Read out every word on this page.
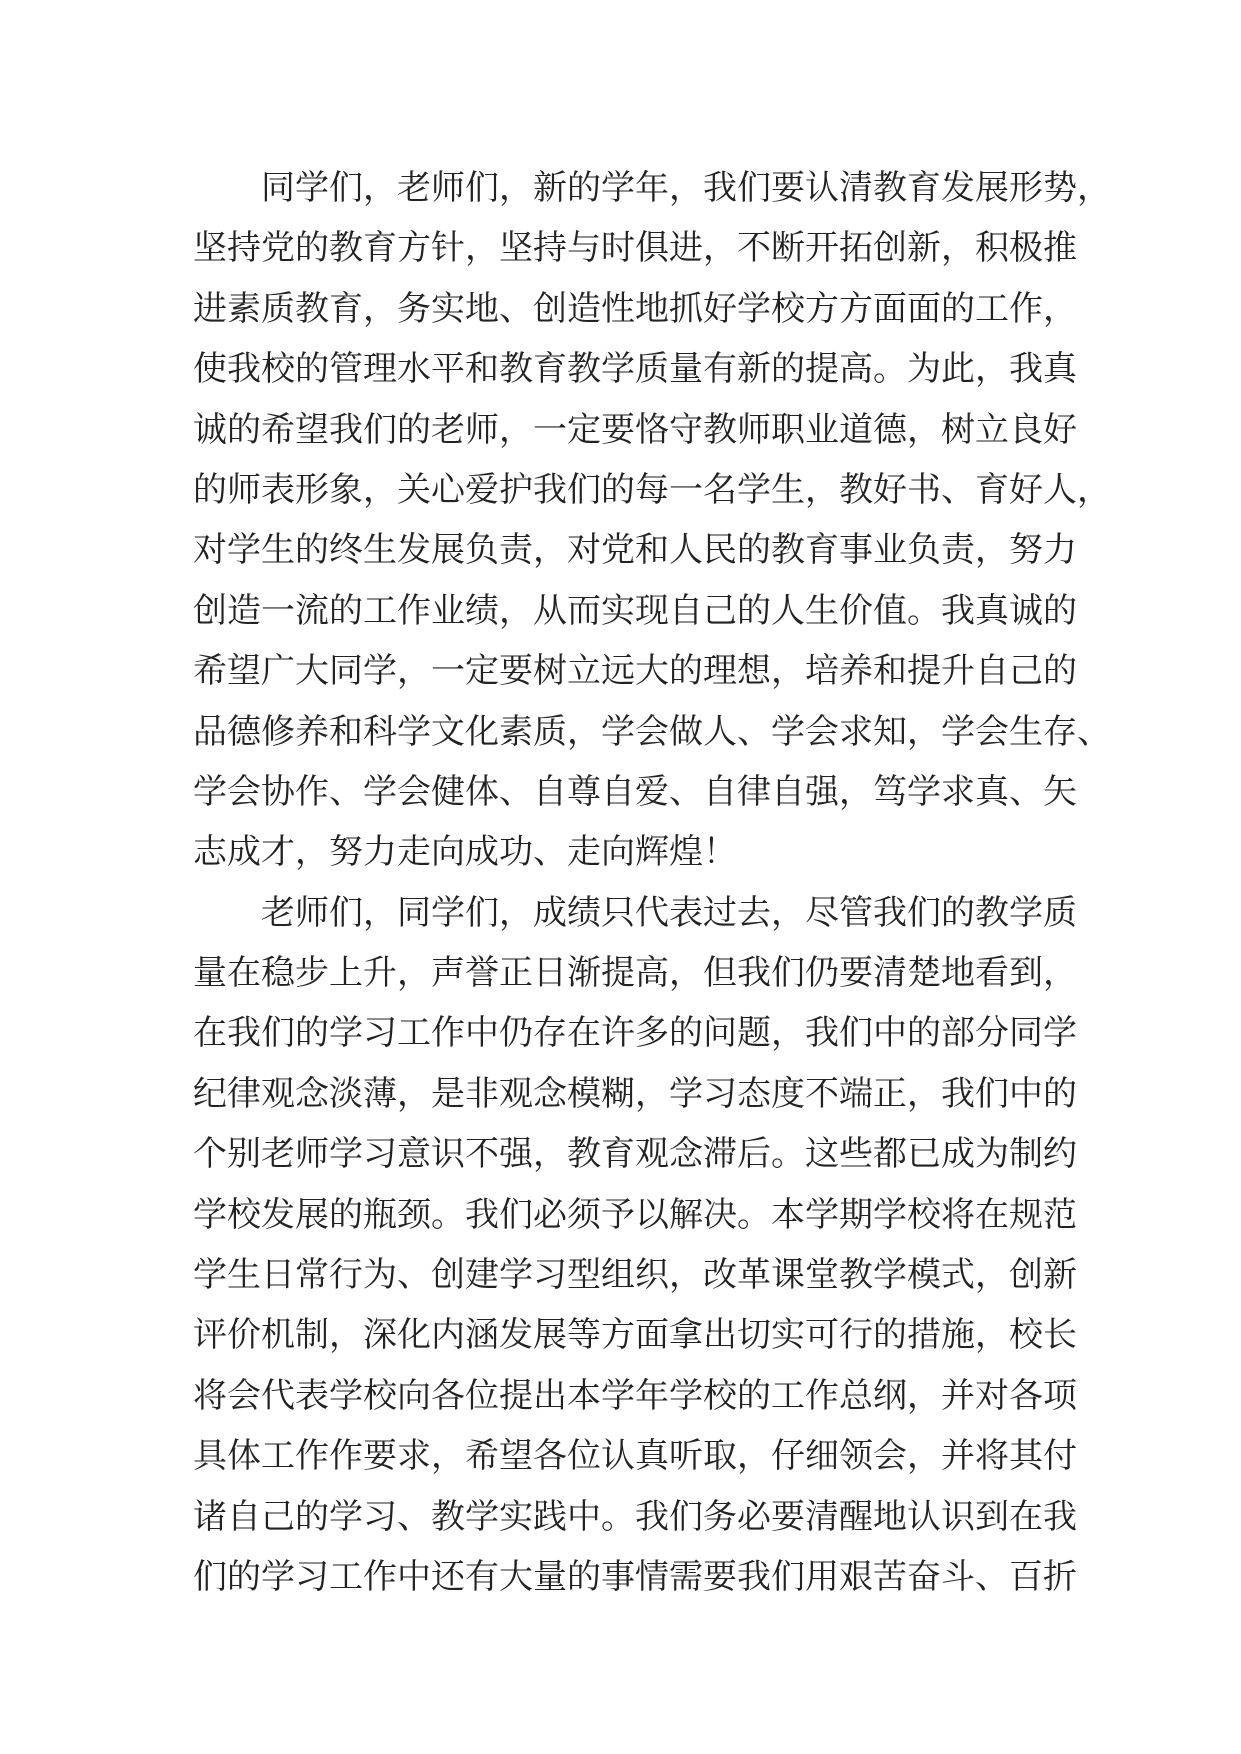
同学们，老师们，新的学年，我们要认清教育发展形势，
坚持党的教育方针，坚持与时俱进，不断开拓创新，积极推
进素质教育，务实地、创造性地抓好学校方方面面的工作，
使我校的管理水平和教育教学质量有新的提高。为此，我真
诚的希望我们的老师，一定要恪守教师职业道德，树立良好
的师表形象，关心爱护我们的每一名学生，教好书、育好人，
对学生的终生发展负责，对党和人民的教育事业负责，努力
创造一流的工作业绩，从而实现自己的人生价值。我真诚的
希望广大同学，一定要树立远大的理想，培养和提升自己的
品德修养和科学文化素质，学会做人、学会求知，学会生存、
学会协作、学会健体、自尊自爱、自律自强，笃学求真、矢
志成才，努力走向成功、走向辉煌！
老师们，同学们，成绩只代表过去，尽管我们的教学质
量在稳步上升，声誉正日渐提高，但我们仍要清楚地看到，
在我们的学习工作中仍存在许多的问题，我们中的部分同学
纪律观念淡薄，是非观念模糊，学习态度不端正，我们中的
个别老师学习意识不强，教育观念滞后。这些都已成为制约
学校发展的瓶颈。我们必须予以解决。本学期学校将在规范
学生日常行为、创建学习型组织，改革课堂教学模式，创新
评价机制，深化内涵发展等方面拿出切实可行的措施，校长
将会代表学校向各位提出本学年学校的工作总纲，并对各项
具体工作作要求，希望各位认真听取，仔细领会，并将其付
诸自己的学习、教学实践中。我们务必要清醒地认识到在我
们的学习工作中还有大量的事情需要我们用艰苦奋斗、百折
